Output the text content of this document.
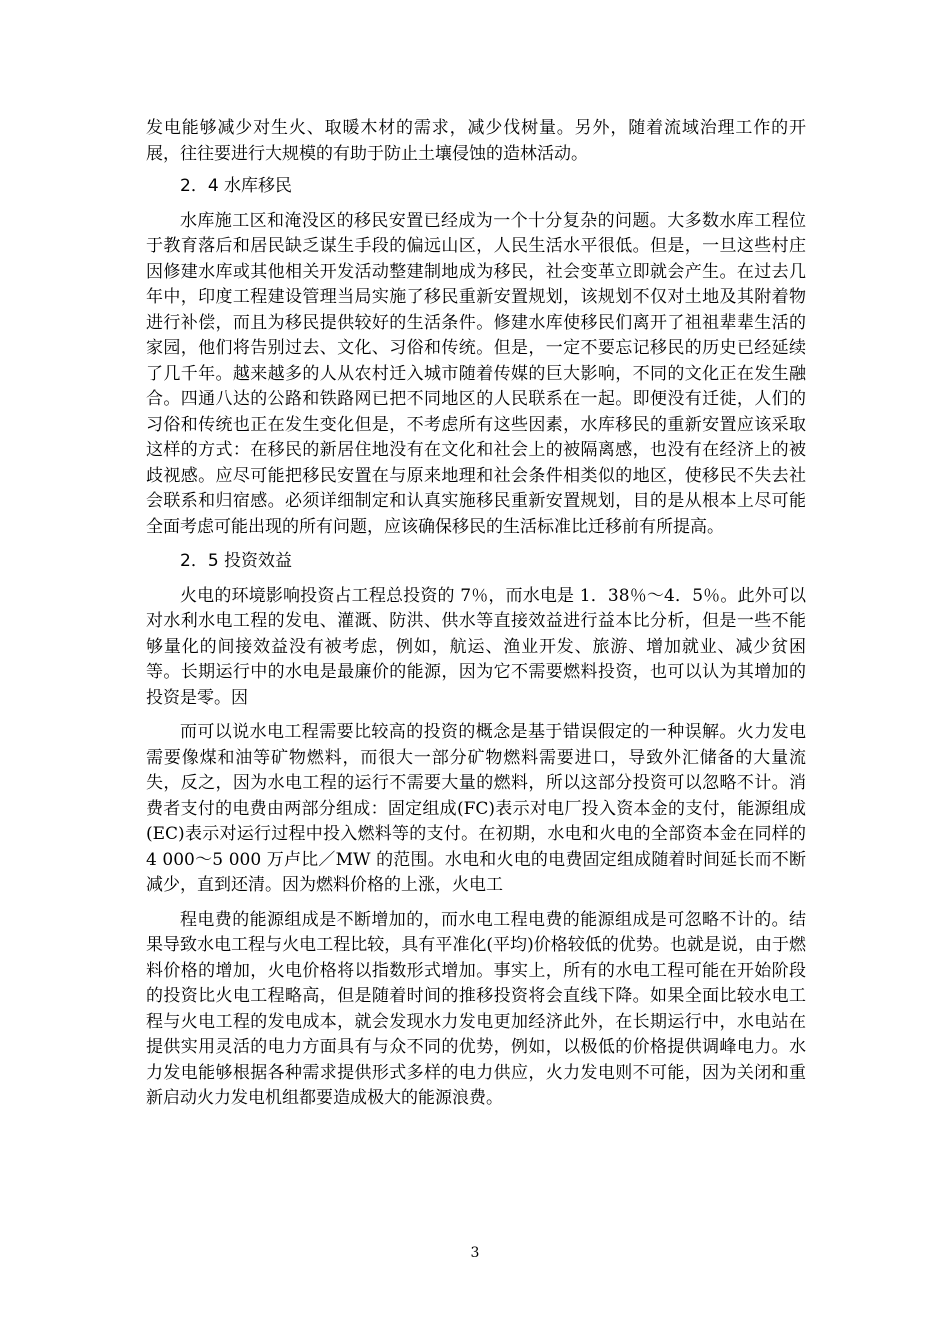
发电能够减少对生火、取暖木材的需求，减少伐树量。另外，随着流域治理工作的开展，往往要进行大规模的有助于防止土壤侵蚀的造林活动。

2．4 水库移民

水库施工区和淹没区的移民安置已经成为一个十分复杂的问题。大多数水库工程位于教育落后和居民缺乏谋生手段的偏远山区，人民生活水平很低。但是，一旦这些村庄因修建水库或其他相关开发活动整建制地成为移民，社会变革立即就会产生。在过去几年中，印度工程建设管理当局实施了移民重新安置规划，该规划不仅对土地及其附着物进行补偿，而且为移民提供较好的生活条件。修建水库使移民们离开了祖祖辈辈生活的家园，他们将告别过去、文化、习俗和传统。但是，一定不要忘记移民的历史已经延续了几千年。越来越多的人从农村迁入城市随着传媒的巨大影响，不同的文化正在发生融合。四通八达的公路和铁路网已把不同地区的人民联系在一起。即便没有迁徙，人们的习俗和传统也正在发生变化但是，不考虑所有这些因素，水库移民的重新安置应该采取这样的方式：在移民的新居住地没有在文化和社会上的被隔离感，也没有在经济上的被歧视感。应尽可能把移民安置在与原来地理和社会条件相类似的地区，使移民不失去社会联系和归宿感。必须详细制定和认真实施移民重新安置规划，目的是从根本上尽可能全面考虑可能出现的所有问题，应该确保移民的生活标准比迁移前有所提高。

2．5 投资效益

火电的环境影响投资占工程总投资的 7％，而水电是 1．38％～4．5％。此外可以对水利水电工程的发电、灌溉、防洪、供水等直接效益进行益本比分析，但是一些不能够量化的间接效益没有被考虑，例如，航运、渔业开发、旅游、增加就业、减少贫困等。长期运行中的水电是最廉价的能源，因为它不需要燃料投资，也可以认为其增加的投资是零。因

而可以说水电工程需要比较高的投资的概念是基于错误假定的一种误解。火力发电需要像煤和油等矿物燃料，而很大一部分矿物燃料需要进口，导致外汇储备的大量流失，反之，因为水电工程的运行不需要大量的燃料，所以这部分投资可以忽略不计。消费者支付的电费由两部分组成：固定组成(FC)表示对电厂投入资本金的支付，能源组成(EC)表示对运行过程中投入燃料等的支付。在初期，水电和火电的全部资本金在同样的 4 000～5 000 万卢比／MW 的范围。水电和火电的电费固定组成随着时间延长而不断减少，直到还清。因为燃料价格的上涨，火电工

程电费的能源组成是不断增加的，而水电工程电费的能源组成是可忽略不计的。结果导致水电工程与火电工程比较，具有平准化(平均)价格较低的优势。也就是说，由于燃料价格的增加，火电价格将以指数形式增加。事实上，所有的水电工程可能在开始阶段的投资比火电工程略高，但是随着时间的推移投资将会直线下降。如果全面比较水电工程与火电工程的发电成本，就会发现水力发电更加经济此外，在长期运行中，水电站在提供实用灵活的电力方面具有与众不同的优势，例如，以极低的价格提供调峰电力。水力发电能够根据各种需求提供形式多样的电力供应，火力发电则不可能，因为关闭和重新启动火力发电机组都要造成极大的能源浪费。

3
